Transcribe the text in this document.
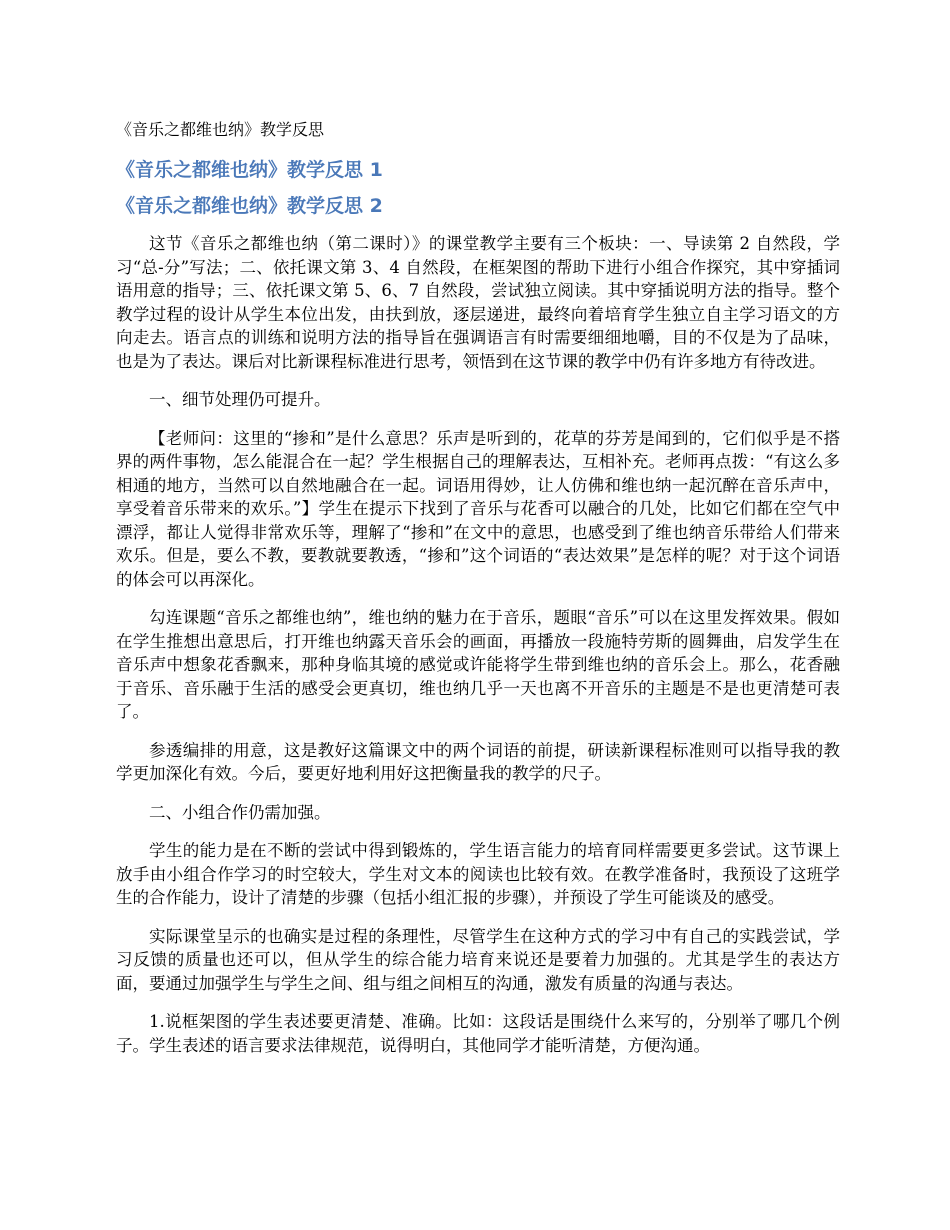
《音乐之都维也纳》教学反思
《音乐之都维也纳》教学反思 1
《音乐之都维也纳》教学反思 2

这节《音乐之都维也纳（第二课时）》的课堂教学主要有三个板块：一、导读第 2 自然段，学习“总-分”写法；二、依托课文第 3、4 自然段，在框架图的帮助下进行小组合作探究，其中穿插词语用意的指导；三、依托课文第 5、6、7 自然段，尝试独立阅读。其中穿插说明方法的指导。整个教学过程的设计从学生本位出发，由扶到放，逐层递进，最终向着培育学生独立自主学习语文的方向走去。语言点的训练和说明方法的指导旨在强调语言有时需要细细地嚼，目的不仅是为了品味，也是为了表达。课后对比新课程标准进行思考，领悟到在这节课的教学中仍有许多地方有待改进。

一、细节处理仍可提升。

【老师问：这里的“掺和”是什么意思？乐声是听到的，花草的芬芳是闻到的，它们似乎是不搭界的两件事物，怎么能混合在一起？学生根据自己的理解表达，互相补充。老师再点拨：“有这么多相通的地方，当然可以自然地融合在一起。词语用得妙，让人仿佛和维也纳一起沉醉在音乐声中，享受着音乐带来的欢乐。”】学生在提示下找到了音乐与花香可以融合的几处，比如它们都在空气中漂浮，都让人觉得非常欢乐等，理解了“掺和”在文中的意思，也感受到了维也纳音乐带给人们带来欢乐。但是，要么不教，要教就要教透，“掺和”这个词语的“表达效果”是怎样的呢？对于这个词语的体会可以再深化。

勾连课题“音乐之都维也纳”，维也纳的魅力在于音乐，题眼“音乐”可以在这里发挥效果。假如在学生推想出意思后，打开维也纳露天音乐会的画面，再播放一段施特劳斯的圆舞曲，启发学生在音乐声中想象花香飘来，那种身临其境的感觉或许能将学生带到维也纳的音乐会上。那么，花香融于音乐、音乐融于生活的感受会更真切，维也纳几乎一天也离不开音乐的主题是不是也更清楚可表了。

参透编排的用意，这是教好这篇课文中的两个词语的前提，研读新课程标准则可以指导我的教学更加深化有效。今后，要更好地利用好这把衡量我的教学的尺子。

二、小组合作仍需加强。

学生的能力是在不断的尝试中得到锻炼的，学生语言能力的培育同样需要更多尝试。这节课上放手由小组合作学习的时空较大，学生对文本的阅读也比较有效。在教学准备时，我预设了这班学生的合作能力，设计了清楚的步骤（包括小组汇报的步骤），并预设了学生可能谈及的感受。

实际课堂呈示的也确实是过程的条理性，尽管学生在这种方式的学习中有自己的实践尝试，学习反馈的质量也还可以，但从学生的综合能力培育来说还是要着力加强的。尤其是学生的表达方面，要通过加强学生与学生之间、组与组之间相互的沟通，激发有质量的沟通与表达。

1.说框架图的学生表述要更清楚、准确。比如：这段话是围绕什么来写的，分别举了哪几个例子。学生表述的语言要求法律规范，说得明白，其他同学才能听清楚，方便沟通。
